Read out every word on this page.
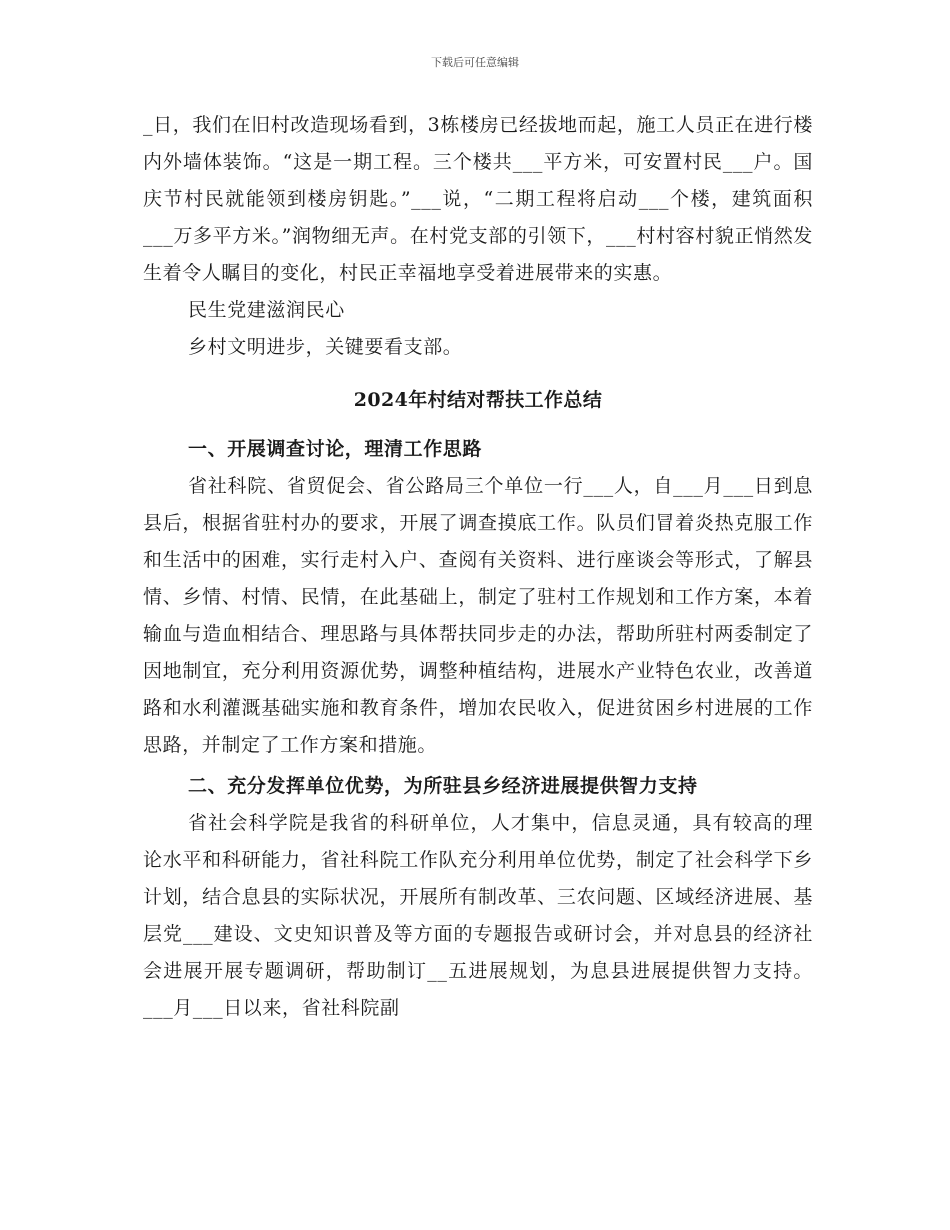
下载后可任意编辑

_日，我们在旧村改造现场看到，3栋楼房已经拔地而起，施工人员正在进行楼内外墙体装饰。“这是一期工程。三个楼共___平方米，可安置村民___户。国庆节村民就能领到楼房钥匙。”___说，“二期工程将启动___个楼，建筑面积___万多平方米。”润物细无声。在村党支部的引领下，___村村容村貌正悄然发生着令人瞩目的变化，村民正幸福地享受着进展带来的实惠。

民生党建滋润民心

乡村文明进步，关键要看支部。

2024年村结对帮扶工作总结
一、开展调查讨论，理清工作思路

省社科院、省贸促会、省公路局三个单位一行___人，自___月___日到息县后，根据省驻村办的要求，开展了调查摸底工作。队员们冒着炎热克服工作和生活中的困难，实行走村入户、查阅有关资料、进行座谈会等形式，了解县情、乡情、村情、民情，在此基础上，制定了驻村工作规划和工作方案，本着输血与造血相结合、理思路与具体帮扶同步走的办法，帮助所驻村两委制定了因地制宜，充分利用资源优势，调整种植结构，进展水产业特色农业，改善道路和水利灌溉基础实施和教育条件，增加农民收入，促进贫困乡村进展的工作思路，并制定了工作方案和措施。

二、充分发挥单位优势，为所驻县乡经济进展提供智力支持

省社会科学院是我省的科研单位，人才集中，信息灵通，具有较高的理论水平和科研能力，省社科院工作队充分利用单位优势，制定了社会科学下乡计划，结合息县的实际状况，开展所有制改革、三农问题、区域经济进展、基层党___建设、文史知识普及等方面的专题报告或研讨会，并对息县的经济社会进展开展专题调研，帮助制订__五进展规划，为息县进展提供智力支持。___月___日以来，省社科院副
